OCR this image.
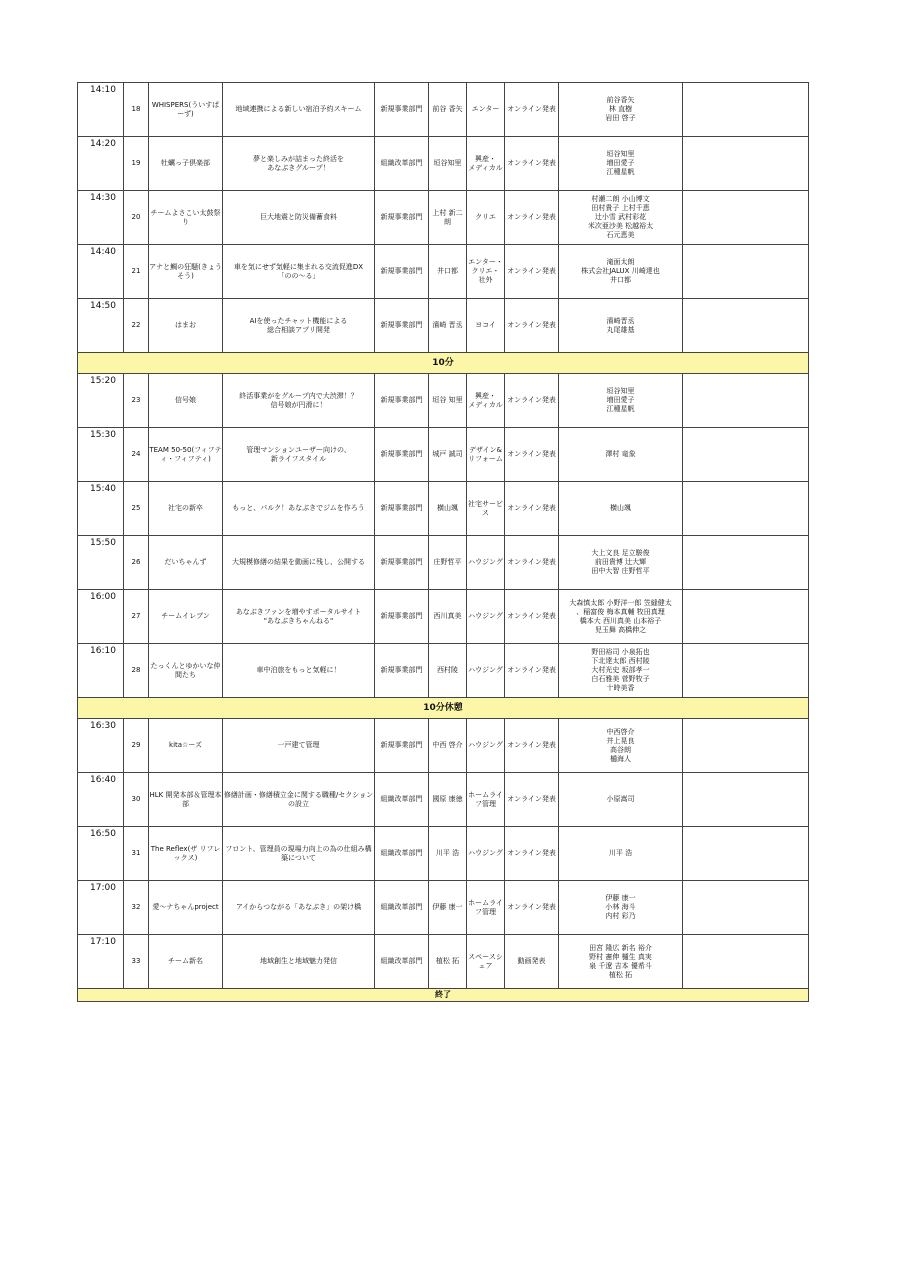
14:10	18	WHISPERS(ういすぱーず)	地域連携による新しい宿泊予約スキーム	新規事業部門	前谷 香矢	エンター	オンライン発表	前谷香矢
林 直樹
岩田 啓子	
14:20	19	牡蠣っ子倶楽部	夢と楽しみが詰まった終活を
あなぶきグループ！	組織改革部門	垣谷知里	興産・
メディカル	オンライン発表	垣谷知里
増田愛子
江種星帆	
14:30	20	チームよさこい太鼓祭り	巨大地震と防災備蓄食料	新規事業部門	上村 新二朗	クリエ	オンライン発表	村瀬二朗 小山博文
田村貴子 上村千恵
辻小雪 武村彩花
米次亜沙美 松越裕太
石元恵美	
14:40	21	アナと鯛の狂騒(きょうそう)	車を気にせず気軽に集まれる交流促進DX
「のの〜る」	新規事業部門	井口都	エンター・
クリエ・
社外	オンライン発表	滝面太朗
株式会社JALUX 川崎達也
井口都	
14:50	22	はまお	AIを使ったチャット機能による
総合相談アプリ開発	新規事業部門	濱崎 晋丞	ヨコイ	オンライン発表	濱崎晋丞
丸尾雄基	
10分									
15:20	23	信号娘	終活事業がをグループ内で大渋滞！？
信号娘が円滑に！	新規事業部門	垣谷 知里	興産・
メディカル	オンライン発表	垣谷知里
増田愛子
江種星帆	
15:30	24	TEAM 50-50(フィフティ・フィフティ)	管理マンションユーザー向けの、
新ライフスタイル	新規事業部門	城戸 誠司	デザイン&
リフォーム	オンライン発表	澤村 竜象	
15:40	25	社宅の新卒	もっと、パルク！あなぶきでジムを作ろう	新規事業部門	横山颯	社宅サービス	オンライン発表	横山颯	
15:50	26	だいちゃんず	大規模修繕の結果を動画に残し、公開する	新規事業部門	庄野哲平	ハウジング	オンライン発表	大上文良 足立駿俊
前田貴博 辻大輝
田中大智 庄野哲平	
16:00	27	チームイレブン	あなぶきファンを増やすポータルサイト
"あなぶきちゃんねる"	新規事業部門	西川真美	ハウジング	オンライン発表	大森慎太郎 小野洋一郎 笠縫健太
、稲富俊 梅本真輔 牧田真理
橋本大 西川真美 山本裕子
児玉舞 高橋伸之	
16:10	28	たっくんとゆかいな仲間たち	車中泊旅をもっと気軽に！	新規事業部門	西村陵	ハウジング	オンライン発表	野田裕司 小泉拓也
下北達太郎 西村陵
大村光史 坂部孝一
白石雅美 菅野牧子
十時美香	
10分休憩									
16:30	29	kita☆ーズ	一戸建て管理	新規事業部門	中西 啓介	ハウジング	オンライン発表	中西啓介
井上晃良
高谷朗
樋海人	
16:40	30	HLK 開発本部＆管理本部	修繕計画・修繕積立金に関する職種/セクションの設立	組織改革部門	國原 康徳	ホームライフ管理	オンライン発表	小原嵩司	
16:50	31	The Reflex(ザ リフレックス)	フロント、管理員の現場力向上の為の仕組み構築について	組織改革部門	川平 浩	ハウジング	オンライン発表	川平 浩	
17:00	32	愛〜ナちゃんproject	アイからつながる「あなぶき」の架け橋	組織改革部門	伊藤 康一	ホームライフ管理	オンライン発表	伊藤 康一
小林 海斗
内村 彩乃	
17:10	33	チーム新名	地域創生と地域魅力発信	組織改革部門	植松 拓	スペースシェア	動画発表	田宮 隆広 新名 裕介
野村 憲伸 樋生 真実
泉 千遼 吉本 優希斗
植松 拓	
終了									
